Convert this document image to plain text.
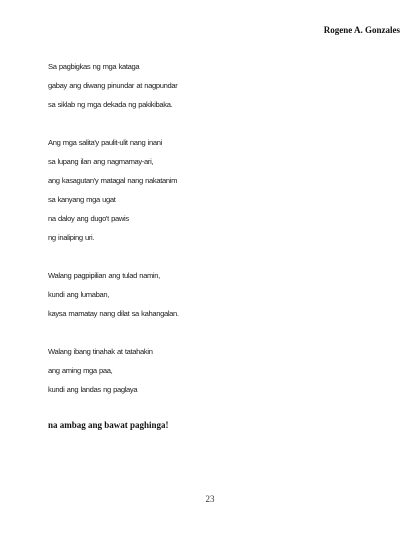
Rogene A. Gonzales
Sa pagbigkas ng mga kataga
gabay ang diwang pinundar at nagpundar
sa siklab ng mga dekada ng pakikibaka.
Ang mga salita'y paulit-ulit nang inani
sa lupang ilan ang nagmamay-ari,
ang kasagutan'y matagal nang nakatanim
sa kanyang mga ugat
na daloy ang dugo't pawis
ng inaliping uri.
Walang pagpipilian ang tulad namin,
kundi ang lumaban,
kaysa mamatay nang dilat sa kahangalan.
Walang ibang tinahak at tatahakin
ang aming mga paa,
kundi ang landas ng paglaya
na ambag ang bawat paghinga!
23
